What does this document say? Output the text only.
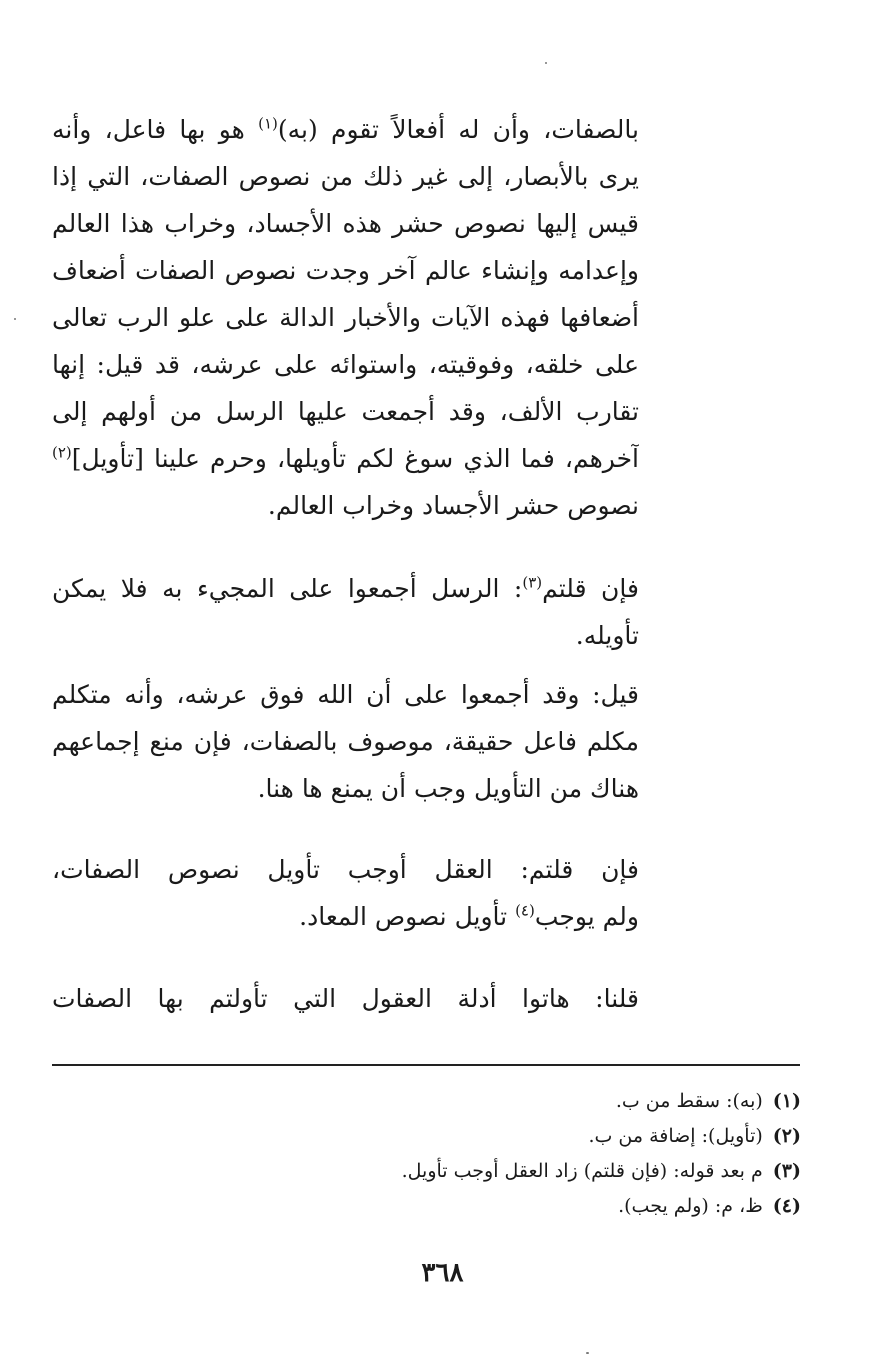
بالصفات، وأن له أفعالاً تقوم (به)$^{(١)}$ هو بها فاعل، وأنه
يرى بالأبصار، إلى غير ذلك من نصوص الصفات، التي إذا
قيس إليها نصوص حشر هذه الأجساد، وخراب هذا العالم
وإعدامه وإنشاء عالم آخر وجدت نصوص الصفات أضعاف
أضعافها فهذه الآيات والأخبار الدالة على علو الرب تعالى
على خلقه، وفوقيته، واستوائه على عرشه، قد قيل: إنها
تقارب الألف، وقد أجمعت عليها الرسل من أولهم إلى
آخرهم، فما الذي سوغ لكم تأويلها، وحرم علينا [تأويل]$^{(٢)}$
نصوص حشر الأجساد وخراب العالم.
فإن قلتم$^{(٣)}$: الرسل أجمعوا على المجيء به فلا يمكن
تأويله.
قيل: وقد أجمعوا على أن الله فوق عرشه، وأنه متكلم
مكلم فاعل حقيقة، موصوف بالصفات، فإن منع إجماعهم
هناك من التأويل وجب أن يمنع ها هنا.
فإن قلتم: العقل أوجب تأويل نصوص الصفات،
ولم يوجب$^{(٤)}$ تأويل نصوص المعاد.
قلنا: هاتوا أدلة العقول التي تأولتم بها الصفات
(١)(به): سقط من ب.
(٢)(تأويل): إضافة من ب.
(٣)م بعد قوله: (فإن قلتم) زاد العقل أوجب تأويل.
(٤)ظ، م: (ولم يجب).
٣٦٨
